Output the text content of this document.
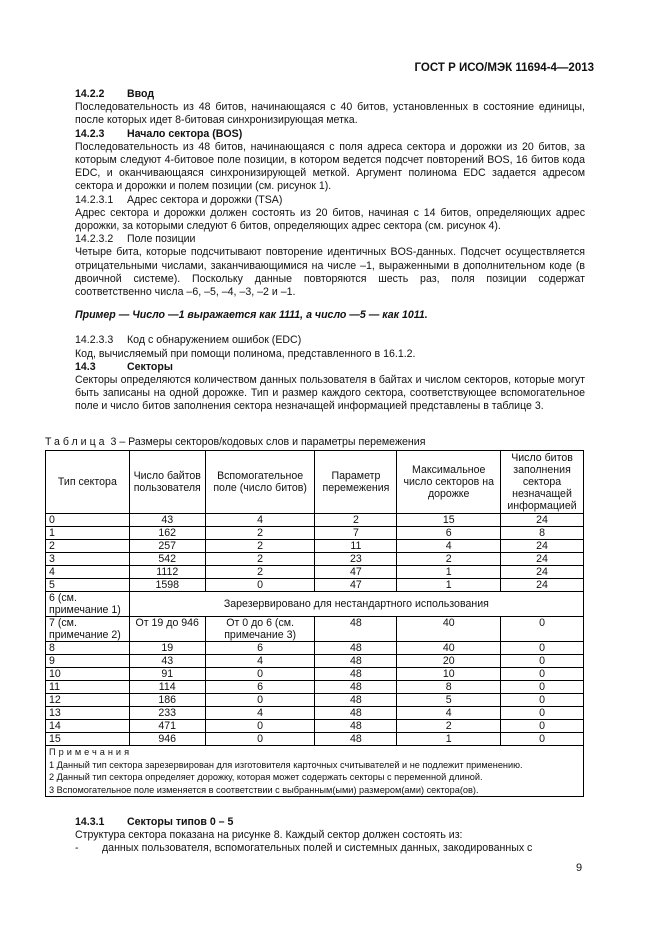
ГОСТ Р ИСО/МЭК 11694-4—2013
14.2.2	Ввод

Последовательность из 48 битов, начинающаяся с 40 битов, установленных в состояние единицы, после которых идет 8-битовая синхронизирующая метка.

14.2.3	Начало сектора (BOS)

Последовательность из 48 битов, начинающаяся с поля адреса сектора и дорожки из 20 битов, за которым следуют 4-битовое поле позиции, в котором ведется подсчет повторений BOS, 16 битов кода EDC, и оканчивающаяся синхронизирующей меткой. Аргумент полинома EDC задается адресом сектора и дорожки и полем позиции (см. рисунок 1).

14.2.3.1	Адрес сектора и дорожки (TSA)

Адрес сектора и дорожки должен состоять из 20 битов, начиная с 14 битов, определяющих адрес дорожки, за которыми следуют 6 битов, определяющих адрес сектора (см. рисунок 4).

14.2.3.2	Поле позиции

Четыре бита, которые подсчитывают повторение идентичных BOS-данных. Подсчет осуществляется отрицательными числами, заканчивающимися на числе –1, выраженными в дополнительном коде (в двоичной системе). Поскольку данные повторяются шесть раз, поля позиции содержат соответственно числа –6, –5, –4, –3, –2 и –1.

Пример — Число —1 выражается как 1111, а число —5 — как 1011.

14.2.3.3	Код с обнаружением ошибок (EDC)

Код, вычисляемый при помощи полинома, представленного в 16.1.2.

14.3	Секторы

Секторы определяются количеством данных пользователя в байтах и числом секторов, которые могут быть записаны на одной дорожке. Тип и размер каждого сектора, соответствующее вспомогательное поле и число битов заполнения сектора незначащей информацией представлены в таблице 3.

Таблица 3 – Размеры секторов/кодовых слов и параметры перемежения
Тип сектора	Число байтов пользователя	Вспомогательное поле (число битов)	Параметр перемежения	Максимальное число секторов на дорожке	Число битов заполнения сектора незначащей информацией
0	43	4	2	15	24
1	162	2	7	6	8
2	257	2	11	4	24
3	542	2	23	2	24
4	1112	2	47	1	24
5	1598	0	47	1	24
6 (см. примечание 1)	Зарезервировано для нестандартного использования				
7 (см. примечание 2)	От 19 до 946	От 0 до 6 (см. примечание 3)	48	40	0
8	19	6	48	40	0
9	43	4	48	20	0
10	91	0	48	10	0
11	114	6	48	8	0
12	186	0	48	5	0
13	233	4	48	4	0
14	471	0	48	2	0
15	946	0	48	1	0

Примечания
1 Данный тип сектора зарезервирован для изготовителя карточных считывателей и не подлежит применению.
2 Данный тип сектора определяет дорожку, которая может содержать секторы с переменной длиной.
3 Вспомогательное поле изменяется в соответствии с выбранным(ыми) размером(ами) сектора(ов).					
14.3.1	Секторы типов 0 – 5

Структура сектора показана на рисунке 8. Каждый сектор должен состоять из:

-	данных пользователя, вспомогательных полей и системных данных, закодированных с
9
